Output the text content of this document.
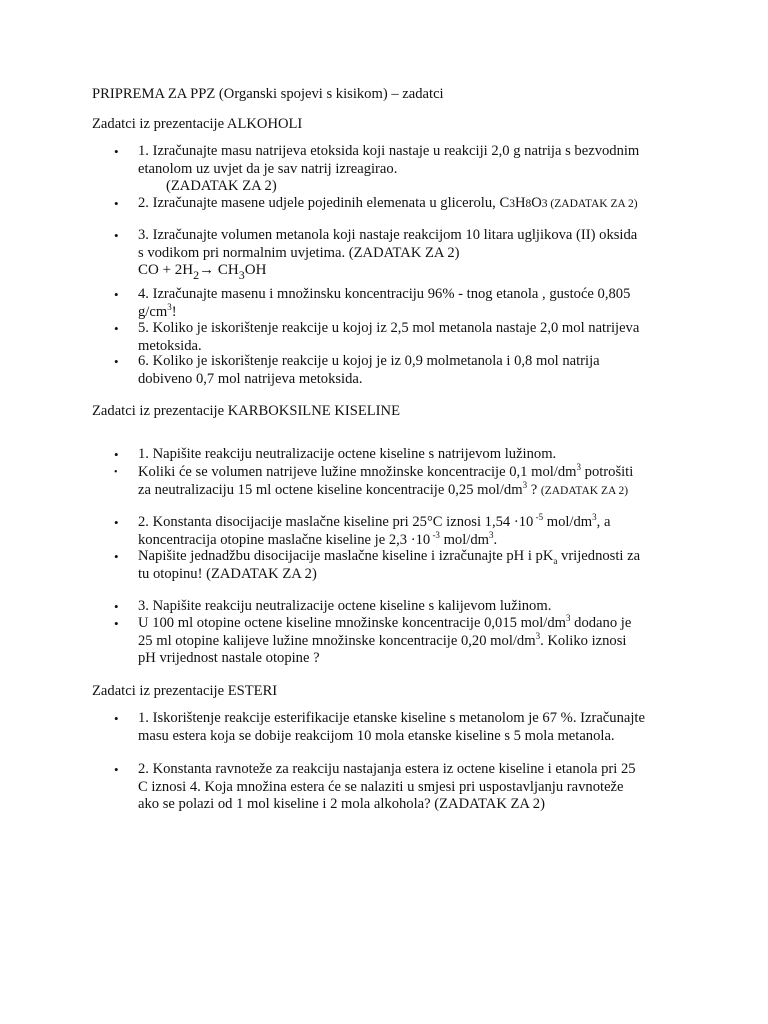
PRIPREMA ZA PPZ (Organski spojevi s kisikom) – zadatci

Zadatci iz prezentacije ALKOHOLI

• 1. Izračunajte masu natrijeva etoksida koji nastaje u reakciji 2,0 g natrija s bezvodnim
etanolom uz uvjet da je sav natrij izreagirao.
(ZADATAK ZA 2)
• 2. Izračunajte masene udjele pojedinih elemenata u glicerolu, C3H8O3 (ZADATAK ZA 2)
• 3. Izračunajte volumen metanola koji nastaje reakcijom 10 litara ugljikova (II) oksida
s vodikom pri normalnim uvjetima. (ZADATAK ZA 2)
CO + $2H_2\to CH_3OH$
• 4. Izračunajte masenu i množinsku koncentraciju 96% - tnog etanola , gustoće 0,805
$g/cm^3$!
• 5. Koliko je iskorištenje reakcije u kojoj iz 2,5 mol metanola nastaje 2,0 mol natrijeva
metoksida.
• 6. Koliko je iskorištenje reakcije u kojoj je iz 0,9 molmetanola i 0,8 mol natrija
dobiveno 0,7 mol natrijeva metoksida.

Zadatci iz prezentacije KARBOKSILNE KISELINE

• 1. Napišite reakciju neutralizacije octene kiseline s natrijevom lužinom.
• Koliki će se volumen natrijeve lužine množinske koncentracije 0,1 mol/$dm^3$ potrošiti
za neutralizaciju 15 ml octene kiseline koncentracije 0,25 mol/$dm^3$ ? (ZADATAK ZA 2)
• 2. Konstanta disocijacije maslačne kiseline pri 25°C iznosi 1,54 ·10 $^{-5}$ mol/$dm^3$, a
koncentracija otopine maslačne kiseline je 2,3 ·10 $^{-3}$ mol/$dm^3$.
• Napišite jednadžbu disocijacije maslačne kiseline i izračunajte pH i $pK_a$ vrijednosti za
tu otopinu! (ZADATAK ZA 2)
• 3. Napišite reakciju neutralizacije octene kiseline s kalijevom lužinom.
• U 100 ml otopine octene kiseline množinske koncentracije 0,015 mol/$dm^3$ dodano je
25 ml otopine kalijeve lužine množinske koncentracije 0,20 mol/$dm^3$. Koliko iznosi
pH vrijednost nastale otopine ?

Zadatci iz prezentacije ESTERI

• 1. Iskorištenje reakcije esterifikacije etanske kiseline s metanolom je 67 %. Izračunajte
masu estera koja se dobije reakcijom 10 mola etanske kiseline s 5 mola metanola.
• 2. Konstanta ravnoteže za reakciju nastajanja estera iz octene kiseline i etanola pri 25
C iznosi 4. Koja množina estera će se nalaziti u smjesi pri uspostavljanju ravnoteže
ako se polazi od 1 mol kiseline i 2 mola alkohola? (ZADATAK ZA 2)
